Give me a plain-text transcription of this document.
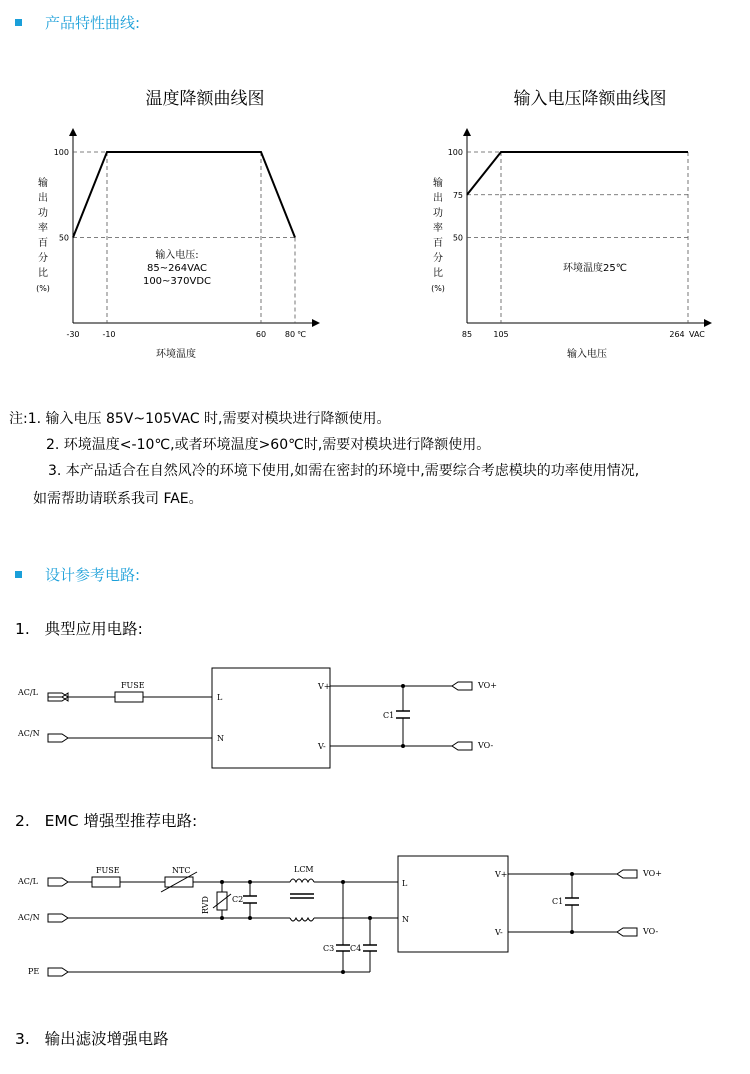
产品特性曲线:
温度降额曲线图	输入电压降额曲线图
50
100
-30	-10	60 80 ℃
输
出
功
率
百
分
比
(%)
环境温度
输入电压:
85~264VAC
100~370VDC
50
75
100
85	105	264 VAC
输
出
功
率
百
分
比
(%)
输入电压
环境温度25℃
注:1. 输入电压 85V~105VAC 时,需要对模块进行降额使用。
2. 环境温度<-10℃,或者环境温度>60℃时,需要对模块进行降额使用。
3. 本产品适合在自然风冷的环境下使用,如需在密封的环境中,需要综合考虑模块的功率使用情况,
如需帮助请联系我司 FAE。
设计参考电路:
1.   典型应用电路:
AC/L
AC/N
FUSE
L
N
V+
V-
C1
VO+
VO-
2.   EMC 增强型推荐电路:
AC/L
AC/N
PE
FUSE	NTC
RVD	C2
LCM
C3 C4
L
N
V+
V-
C1
VO+
VO-
3.   输出滤波增强电路
